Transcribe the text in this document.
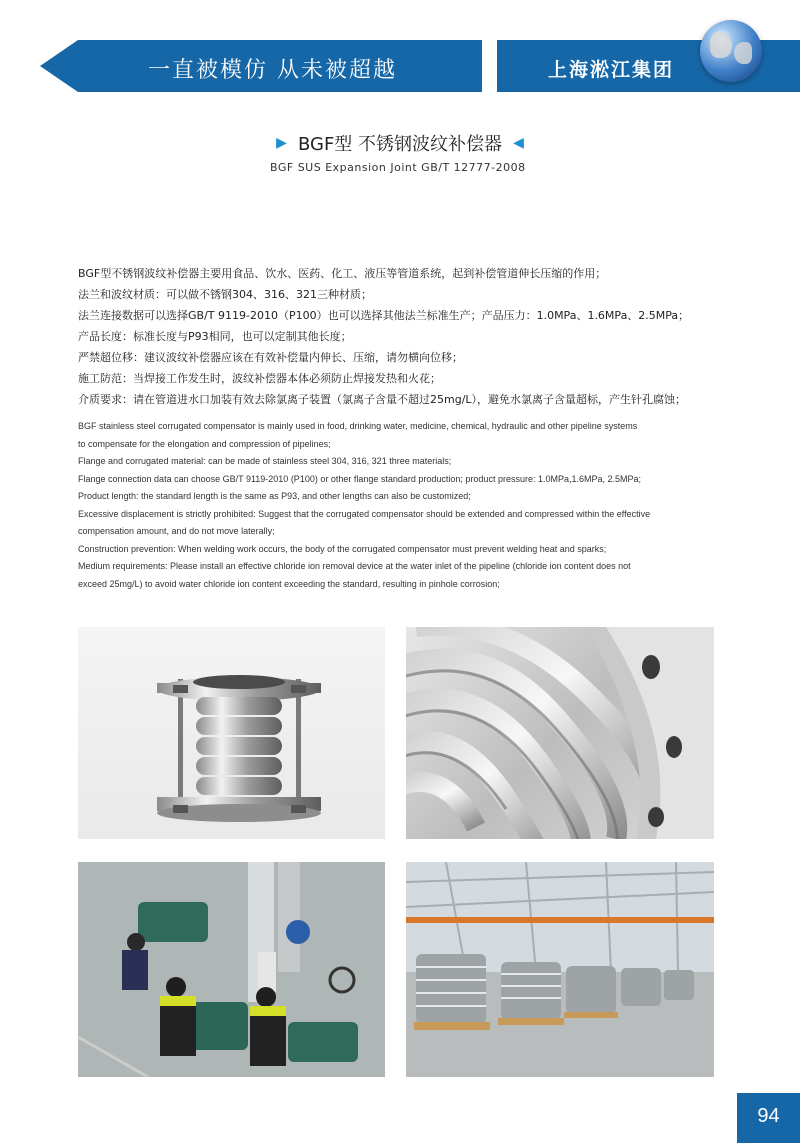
一直被模仿 从未被超越	上海淞江集团
▶ BGF型 不锈钢波纹补偿器 ◀
BGF SUS Expansion Joint GB/T 12777-2008
BGF型不锈钢波纹补偿器主要用食品、饮水、医药、化工、液压等管道系统，起到补偿管道伸长压缩的作用；
法兰和波纹材质：可以做不锈钢304、316、321三种材质；
法兰连接数据可以选择GB/T 9119-2010（P100）也可以选择其他法兰标准生产；产品压力：1.0MPa、1.6MPa、2.5MPa；
产品长度：标准长度与P93相同，也可以定制其他长度；
严禁超位移：建议波纹补偿器应该在有效补偿量内伸长、压缩，请勿横向位移；
施工防范：当焊接工作发生时，波纹补偿器本体必须防止焊接发热和火花；
介质要求：请在管道进水口加装有效去除氯离子装置（氯离子含量不超过25mg/L），避免水氯离子含量超标，产生针孔腐蚀；
BGF stainless steel corrugated compensator is mainly used in food, drinking water, medicine, chemical, hydraulic and other pipeline systems
to compensate for the elongation and compression of pipelines;
Flange and corrugated material: can be made of stainless steel 304, 316, 321 three materials;
Flange connection data can choose GB/T 9119-2010 (P100) or other flange standard production; product pressure: 1.0MPa,1.6MPa, 2.5MPa;
Product length: the standard length is the same as P93, and other lengths can also be customized;
Excessive displacement is strictly prohibited: Suggest that the corrugated compensator should be extended and compressed within the effective
compensation amount, and do not move laterally;
Construction prevention: When welding work occurs, the body of the corrugated compensator must prevent welding heat and sparks;
Medium requirements: Please install an effective chloride ion removal device at the water inlet of the pipeline (chloride ion content does not
exceed 25mg/L) to avoid water chloride ion content exceeding the standard, resulting in pinhole corrosion;
94
